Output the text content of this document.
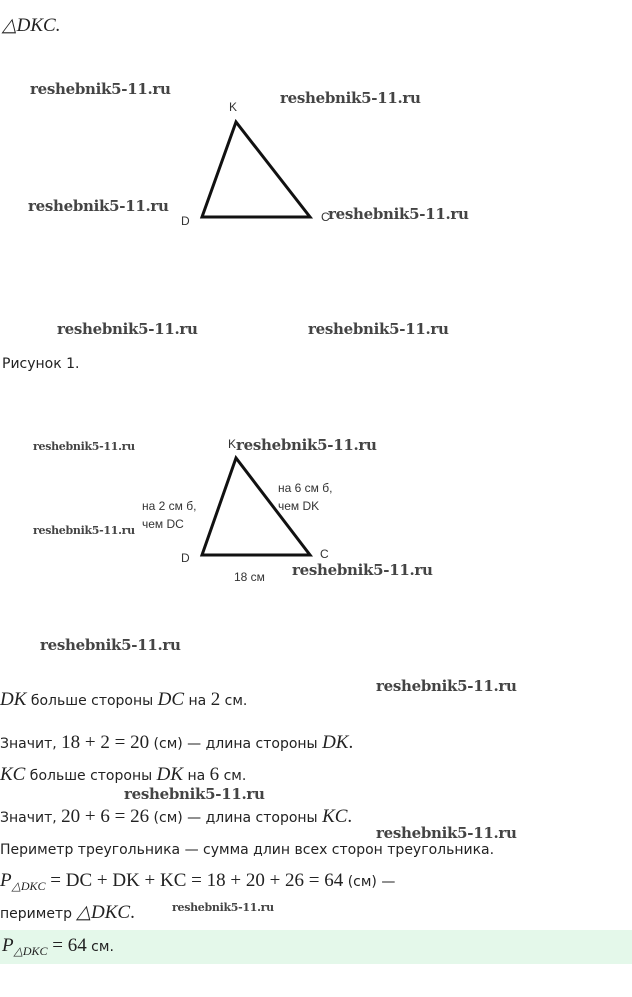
△DKC.
K
D	C
reshebnik5-11.ru	reshebnik5-11.ru
reshebnik5-11.ru	reshebnik5-11.ru
reshebnik5-11.ru	reshebnik5-11.ru
Рисунок 1.
K
D	C
на 2 см б,
чем DC
на 6 см б,
чем DK
18 см
reshebnik5-11.ru	reshebnik5-11.ru
reshebnik5-11.ru
reshebnik5-11.ru
reshebnik5-11.ru
reshebnik5-11.ru
reshebnik5-11.ru
reshebnik5-11.ru
reshebnik5-11.ru
DK больше стороны DC на 2 см.
Значит, 18 + 2 = 20 (см) — длина стороны DK.
KC больше стороны DK на 6 см.
Значит, 20 + 6 = 26 (см) — длина стороны KC.
Периметр треугольника — сумма длин всех сторон треугольника.
$P_{\triangle DKC}$ = DC + DK + KC = 18 + 20 + 26 = 64 (см) —
периметр △DKC.
$P_{\triangle DKC} = 64$ см.
